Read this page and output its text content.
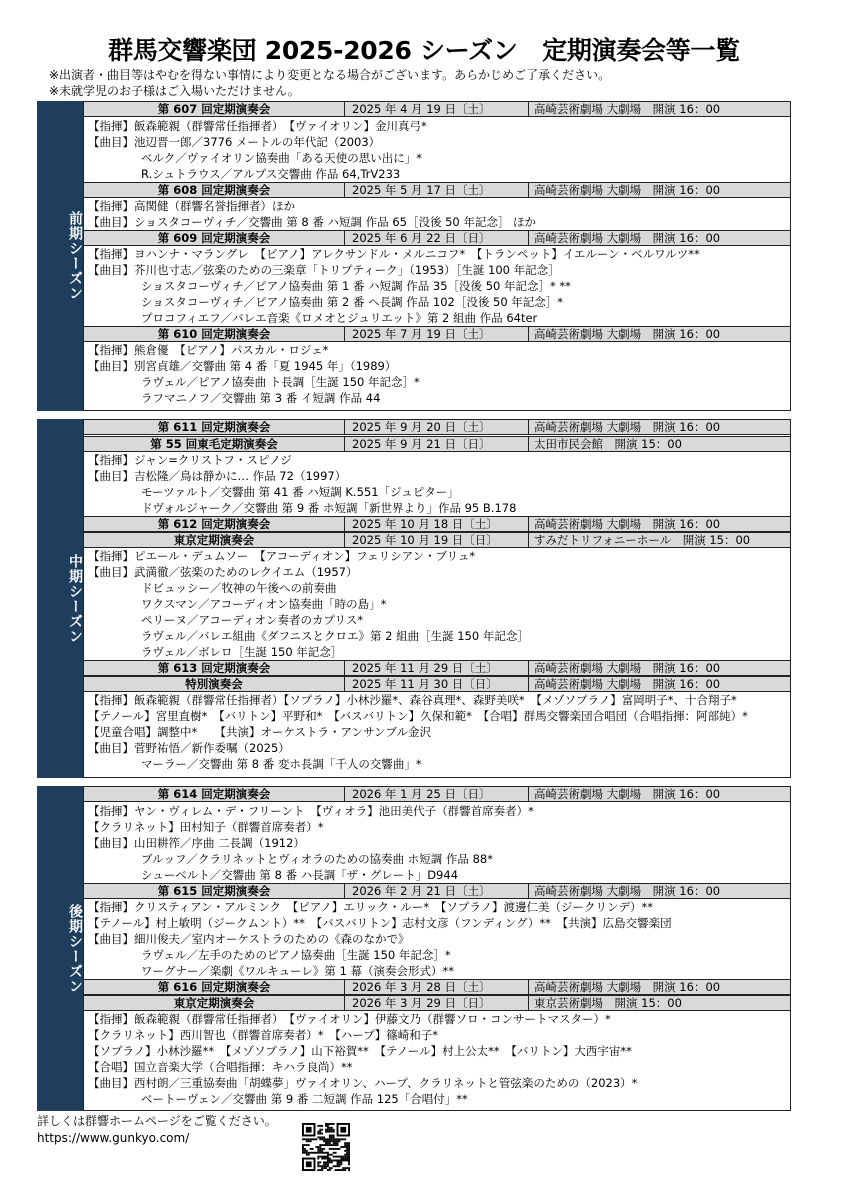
群馬交響楽団 2025-2026 シーズン　定期演奏会等一覧
※出演者・曲目等はやむを得ない事情により変更となる場合がございます。あらかじめご了承ください。
※未就学児のお子様はご入場いただけません。
前期シーズン
第 607 回定期演奏会	2025 年 4 月 19 日〔土〕	高崎芸術劇場 大劇場　開演 16：00
【指揮】飯森範親（群響常任指揮者）　【ヴァイオリン】金川真弓*
【曲目】池辺晋一郎／3776 メートルの年代記（2003）
ベルク／ヴァイオリン協奏曲「ある天使の思い出に」*
R.シュトラウス／アルプス交響曲 作品 64,TrV233
第 608 回定期演奏会	2025 年 5 月 17 日〔土〕	高崎芸術劇場 大劇場　開演 16：00
【指揮】高関健（群響名誉指揮者）ほか
【曲目】ショスタコーヴィチ／交響曲 第 8 番 ハ短調 作品 65［没後 50 年記念］ ほか
第 609 回定期演奏会	2025 年 6 月 22 日〔日〕	高崎芸術劇場 大劇場　開演 16：00
【指揮】ヨハンナ・マラングレ　【ピアノ】アレクサンドル・メルニコフ*　【トランペット】イエルーン・ベルワルツ**
【曲目】芥川也寸志／弦楽のための三楽章「トリプティーク」（1953）［生誕 100 年記念］
ショスタコーヴィチ／ピアノ協奏曲 第 1 番 ハ短調 作品 35［没後 50 年記念］* **
ショスタコーヴィチ／ピアノ協奏曲 第 2 番 ヘ長調 作品 102［没後 50 年記念］*
プロコフィエフ／バレエ音楽《ロメオとジュリエット》第 2 組曲 作品 64ter
第 610 回定期演奏会	2025 年 7 月 19 日〔土〕	高崎芸術劇場 大劇場　開演 16：00
【指揮】熊倉優　【ピアノ】パスカル・ロジェ*
【曲目】別宮貞雄／交響曲 第 4 番「夏 1945 年」（1989）
ラヴェル／ピアノ協奏曲 ト長調［生誕 150 年記念］*
ラフマニノフ／交響曲 第 3 番 イ短調 作品 44
中期シーズン
第 611 回定期演奏会	2025 年 9 月 20 日〔土〕	高崎芸術劇場 大劇場　開演 16：00
第 55 回東毛定期演奏会	2025 年 9 月 21 日〔日〕	太田市民会館　開演 15：00
【指揮】ジャン=クリストフ・スピノジ
【曲目】吉松隆／鳥は静かに… 作品 72（1997）
モーツァルト／交響曲 第 41 番 ハ短調 K.551「ジュピター」
ドヴォルジャーク／交響曲 第 9 番 ホ短調「新世界より」作品 95 B.178
第 612 回定期演奏会	2025 年 10 月 18 日〔土〕	高崎芸術劇場 大劇場　開演 16：00
東京定期演奏会	2025 年 10 月 19 日〔日〕	すみだトリフォニーホール　開演 15：00
【指揮】ピエール・デュムソー　【アコーディオン】フェリシアン・ブリュ*
【曲目】武満徹／弦楽のためのレクイエム（1957）
ドビュッシー／牧神の午後への前奏曲
ワクスマン／アコーディオン協奏曲「時の島」*
ペリーヌ／アコーディオン奏者のカプリス*
ラヴェル／バレエ組曲《ダフニスとクロエ》第 2 組曲［生誕 150 年記念］
ラヴェル／ボレロ［生誕 150 年記念］
第 613 回定期演奏会	2025 年 11 月 29 日〔土〕	高崎芸術劇場 大劇場　開演 16：00
特別演奏会	2025 年 11 月 30 日〔日〕	高崎芸術劇場 大劇場　開演 16：00
【指揮】飯森範親（群響常任指揮者）【ソプラノ】小林沙羅*、森谷真理*、森野美咲*　【メゾソプラノ】富岡明子*、十合翔子*
【テノール】宮里直樹*　【バリトン】平野和*　【バスバリトン】久保和範*　【合唱】群馬交響楽団合唱団（合唱指揮：阿部純）*
【児童合唱】調整中*　　【共演】オーケストラ・アンサンブル金沢
【曲目】菅野祐悟／新作委嘱（2025）
マーラー／交響曲 第 8 番 変ホ長調「千人の交響曲」*
後期シーズン
第 614 回定期演奏会	2026 年 1 月 25 日〔日〕	高崎芸術劇場 大劇場　開演 16：00
【指揮】ヤン・ヴィレム・デ・フリーント　【ヴィオラ】池田美代子（群響首席奏者）*
【クラリネット】田村知子（群響首席奏者）*
【曲目】山田耕筰／序曲 二長調（1912）
ブルッフ／クラリネットとヴィオラのための協奏曲 ホ短調 作品 88*
シューベルト／交響曲 第 8 番 ハ長調「ザ・グレート」D944
第 615 回定期演奏会	2026 年 2 月 21 日〔土〕	高崎芸術劇場 大劇場　開演 16：00
【指揮】クリスティアン・アルミンク　【ピアノ】エリック・ルー*　【ソプラノ】渡邊仁美（ジークリンデ）**
【テノール】村上敏明（ジークムント）**　【バスバリトン】志村文彦（フンディング）**　【共演】広島交響楽団
【曲目】細川俊夫／室内オーケストラのための《森のなかで》
ラヴェル／左手のためのピアノ協奏曲［生誕 150 年記念］*
ワーグナー／楽劇《ワルキューレ》第 1 幕（演奏会形式）**
第 616 回定期演奏会	2026 年 3 月 28 日〔土〕	高崎芸術劇場 大劇場　開演 16：00
東京定期演奏会	2026 年 3 月 29 日〔日〕	東京芸術劇場　開演 15：00
【指揮】飯森範親（群響常任指揮者）　【ヴァイオリン】伊藤文乃（群響ソロ・コンサートマスター）*
【クラリネット】西川智也（群響首席奏者）*　【ハープ】篠崎和子*
【ソプラノ】小林沙羅**　【メゾソプラノ】山下裕賀**　【テノール】村上公太**　【バリトン】大西宇宙**
【合唱】国立音楽大学（合唱指揮：キハラ良尚）**
【曲目】西村朗／三重協奏曲「胡蝶夢」ヴァイオリン、ハープ、クラリネットと管弦楽のための（2023）*
ベートーヴェン／交響曲 第 9 番 二短調 作品 125「合唱付」**
詳しくは群響ホームページをご覧ください。
https://www.gunkyo.com/
